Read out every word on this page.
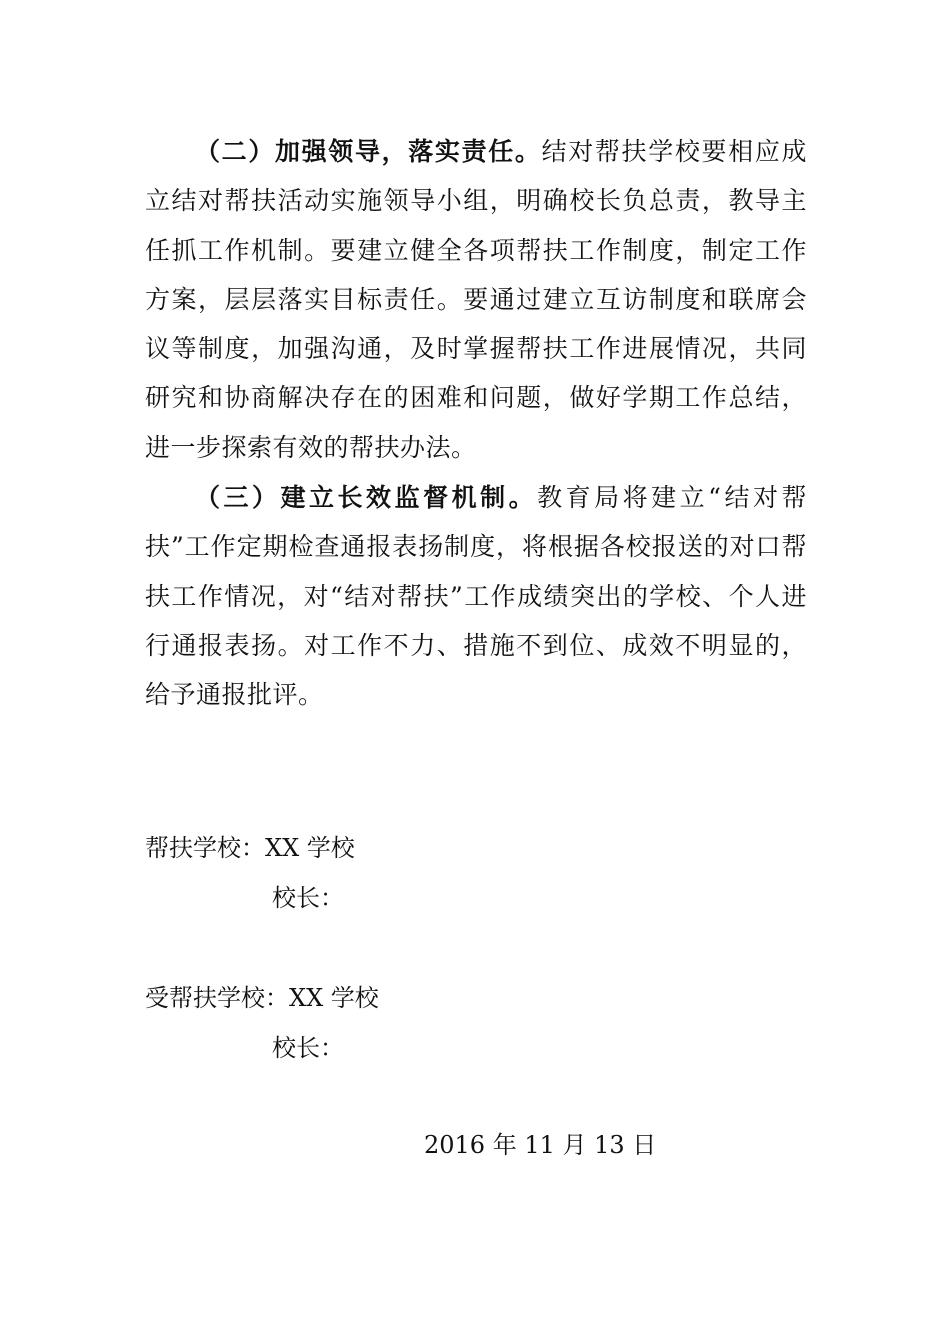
（二）加强领导，落实责任。结对帮扶学校要相应成立结对帮扶活动实施领导小组，明确校长负总责，教导主任抓工作机制。要建立健全各项帮扶工作制度，制定工作方案，层层落实目标责任。要通过建立互访制度和联席会议等制度，加强沟通，及时掌握帮扶工作进展情况，共同研究和协商解决存在的困难和问题，做好学期工作总结，进一步探索有效的帮扶办法。

（三）建立长效监督机制。教育局将建立“结对帮扶”工作定期检查通报表扬制度，将根据各校报送的对口帮扶工作情况，对“结对帮扶”工作成绩突出的学校、个人进行通报表扬。对工作不力、措施不到位、成效不明显的，给予通报批评。

帮扶学校：XX 学校

校长：

受帮扶学校：XX 学校

校长：

2016 年 11 月 13 日
